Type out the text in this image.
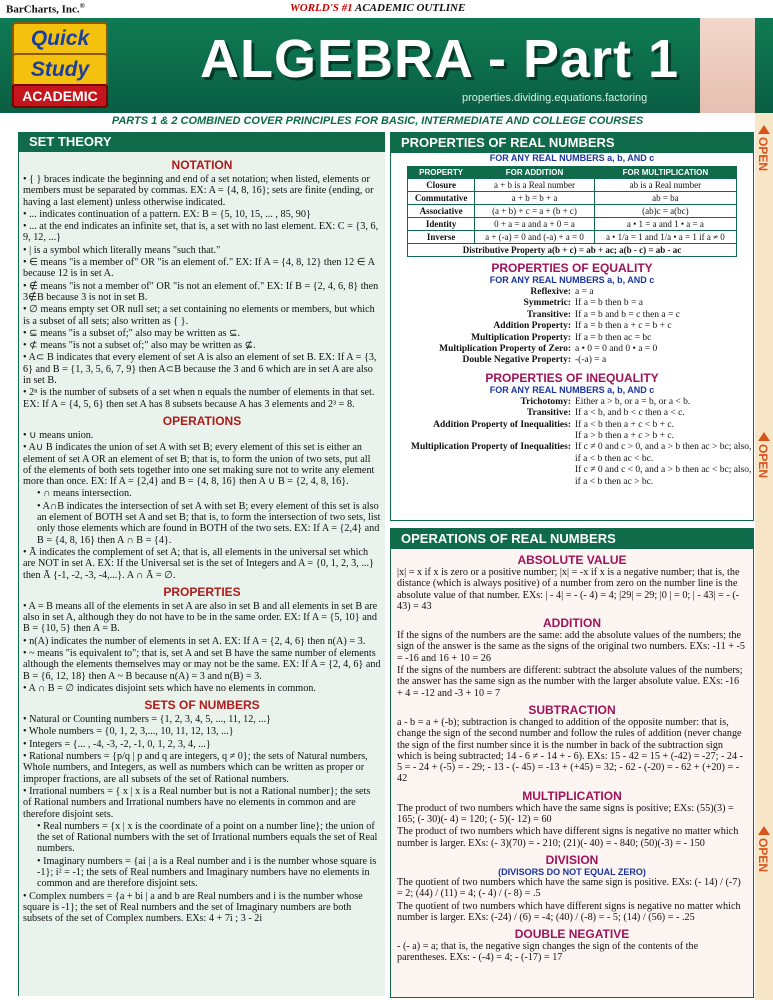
BarCharts, Inc.®	WORLD'S #1 ACADEMIC OUTLINE
Quick
Study
ACADEMIC
ALGEBRA - Part 1
properties.dividing.equations.factoring
OPEN
OPEN
OPEN
PARTS 1 & 2 COMBINED COVER PRINCIPLES FOR BASIC, INTERMEDIATE AND COLLEGE COURSES
SET THEORY
NOTATION

• { } braces indicate the beginning and end of a set notation; when listed, elements or members must be separated by commas. EX: A = {4, 8, 16}; sets are finite (ending, or having a last element) unless otherwise indicated.

• ... indicates continuation of a pattern. EX: B = {5, 10, 15, ... , 85, 90}

• ... at the end indicates an infinite set, that is, a set with no last element. EX: C = {3, 6, 9, 12, ...}

• | is a symbol which literally means "such that."

• ∈ means "is a member of" OR "is an element of." EX: If A = {4, 8, 12} then 12 ∈ A because 12 is in set A.

• ∉ means "is not a member of" OR "is not an element of." EX: If B = {2, 4, 6, 8} then 3∉B because 3 is not in set B.

• ∅ means empty set OR null set; a set containing no elements or members, but which is a subset of all sets; also written as { }.

• ⊆ means "is a subset of;" also may be written as ⊆.

• ⊄ means "is not a subset of;" also may be written as ⊈.

• A⊂ B indicates that every element of set A is also an element of set B. EX: If A = {3, 6} and B = {1, 3, 5, 6, 7, 9} then A⊂B because the 3 and 6 which are in set A are also in set B.

• 2ⁿ is the number of subsets of a set when n equals the number of elements in that set. EX: If A = {4, 5, 6} then set A has 8 subsets because A has 3 elements and 2³ = 8.

OPERATIONS

• ∪ means union.

• A∪ B indicates the union of set A with set B; every element of this set is either an element of set A OR an element of set B; that is, to form the union of two sets, put all of the elements of both sets together into one set making sure not to write any element more than once. EX: If A = {2,4} and B = {4, 8, 16} then A ∪ B = {2, 4, 8, 16}.

• ∩ means intersection.

• A∩B indicates the intersection of set A with set B; every element of this set is also an element of BOTH set A and set B; that is, to form the intersection of two sets, list only those elements which are found in BOTH of the two sets. EX: If A = {2,4} and B = {4, 8, 16} then A ∩ B = {4}.

• Ā indicates the complement of set A; that is, all elements in the universal set which are NOT in set A. EX: If the Universal set is the set of Integers and A = {0, 1, 2, 3, ...} then Ā {-1, -2, -3, -4,...}. A ∩ Ā = ∅.

PROPERTIES

• A = B means all of the elements in set A are also in set B and all elements in set B are also in set A, although they do not have to be in the same order. EX: If A = {5, 10} and B = {10, 5} then A = B.

• n(A) indicates the number of elements in set A. EX: If A = {2, 4, 6} then n(A) = 3.

• ~ means "is equivalent to"; that is, set A and set B have the same number of elements although the elements themselves may or may not be the same. EX: If A = {2, 4, 6} and B = {6, 12, 18} then A ~ B because n(A) = 3 and n(B) = 3.

• A ∩ B = ∅ indicates disjoint sets which have no elements in common.

SETS OF NUMBERS

• Natural or Counting numbers = {1, 2, 3, 4, 5, ..., 11, 12, ...}

• Whole numbers = {0, 1, 2, 3,..., 10, 11, 12, 13, ...}

• Integers = {... , -4, -3, -2, -1, 0, 1, 2, 3, 4, ...}

• Rational numbers = {p/q | p and q are integers, q ≠ 0}; the sets of Natural numbers, Whole numbers, and Integers, as well as numbers which can be written as proper or improper fractions, are all subsets of the set of Rational numbers.

• Irrational numbers = { x | x is a Real number but is not a Rational number}; the sets of Rational numbers and Irrational numbers have no elements in common and are therefore disjoint sets.

• Real numbers = {x | x is the coordinate of a point on a number line}; the union of the set of Rational numbers with the set of Irrational numbers equals the set of Real numbers.

• Imaginary numbers = {ai | a is a Real number and i is the number whose square is -1}; i² = -1; the sets of Real numbers and Imaginary numbers have no elements in common and are therefore disjoint sets.

• Complex numbers = {a + bi | a and b are Real numbers and i is the number whose square is -1}; the set of Real numbers and the set of Imaginary numbers are both subsets of the set of Complex numbers. EXs: 4 + 7i ; 3 - 2i

PROPERTIES OF REAL NUMBERS
FOR ANY REAL NUMBERS a, b, AND c
PROPERTY	FOR ADDITION	FOR MULTIPLICATION
Closure	a + b is a Real number	ab is a Real number
Commutative	a + b = b + a	ab = ba
Associative	(a + b) + c = a + (b + c)	(ab)c = a(bc)
Identity	0 + a = a and a + 0 = a	a • 1 = a and 1 • a = a
Inverse	a + (-a) = 0 and (-a) + a = 0	a • 1/a = 1 and 1/a • a = 1 if a ≠ 0
Distributive Property a(b + c) = ab + ac; a(b - c) = ab - ac		
PROPERTIES OF EQUALITY
FOR ANY REAL NUMBERS a, b, AND c
Reflexive: a = a
Symmetric: If a = b then b = a
Transitive: If a = b and b = c then a = c
Addition Property: If a = b then a + c = b + c
Multiplication Property: If a = b then ac = bc
Multiplication Property of Zero: a • 0 = 0 and 0 • a = 0
Double Negative Property: -(-a) = a
PROPERTIES OF INEQUALITY
FOR ANY REAL NUMBERS a, b, AND c
Trichotomy: Either a > b, or a = b, or a < b.
Transitive: If a < b, and b < c then a < c.
Addition Property of Inequalities: If a < b then a + c < b + c.
If a > b then a + c > b + c.
Multiplication Property of Inequalities: If c ≠ 0 and c > 0, and a > b then ac > bc; also, if a < b then ac < bc.
If c ≠ 0 and c < 0, and a > b then ac < bc; also, if a < b then ac > bc.
OPERATIONS OF REAL NUMBERS
ABSOLUTE VALUE

|x| = x if x is zero or a positive number; |x| = -x if x is a negative number; that is, the distance (which is always positive) of a number from zero on the number line is the absolute value of that number. EXs: | - 4| = - (- 4) = 4; |29| = 29; |0 | = 0; | - 43| = - (- 43) = 43

ADDITION

If the signs of the numbers are the same: add the absolute values of the numbers; the sign of the answer is the same as the signs of the original two numbers. EXs: -11 + -5 = -16 and 16 + 10 = 26

If the signs of the numbers are different: subtract the absolute values of the numbers; the answer has the same sign as the number with the larger absolute value. EXs: -16 + 4 = -12 and -3 + 10 = 7

SUBTRACTION

a - b = a + (-b); subtraction is changed to addition of the opposite number: that is, change the sign of the second number and follow the rules of addition (never change the sign of the first number since it is the number in back of the subtraction sign which is being subtracted; 14 - 6 ≠ - 14 + - 6). EXs: 15 - 42 = 15 + (-42) = -27; - 24 - 5 = - 24 + (-5) = - 29; - 13 - (- 45) = -13 + (+45) = 32; - 62 - (-20) = - 62 + (+20) = - 42

MULTIPLICATION

The product of two numbers which have the same signs is positive; EXs: (55)(3) = 165; (- 30)(- 4) = 120; (- 5)(- 12) = 60

The product of two numbers which have different signs is negative no matter which number is larger. EXs: (- 3)(70) = - 210; (21)(- 40) = - 840; (50)(-3) = - 150

DIVISION
(DIVISORS DO NOT EQUAL ZERO)

The quotient of two numbers which have the same sign is positive. EXs: (- 14) / (-7) = 2; (44) / (11) = 4; (- 4) / (- 8) = .5

The quotient of two numbers which have different signs is negative no matter which number is larger. EXs: (-24) / (6) = -4; (40) / (-8) = - 5; (14) / (56) = - .25

DOUBLE NEGATIVE

- (- a) = a; that is, the negative sign changes the sign of the contents of the parentheses. EXs: - (-4) = 4; - (-17) = 17
